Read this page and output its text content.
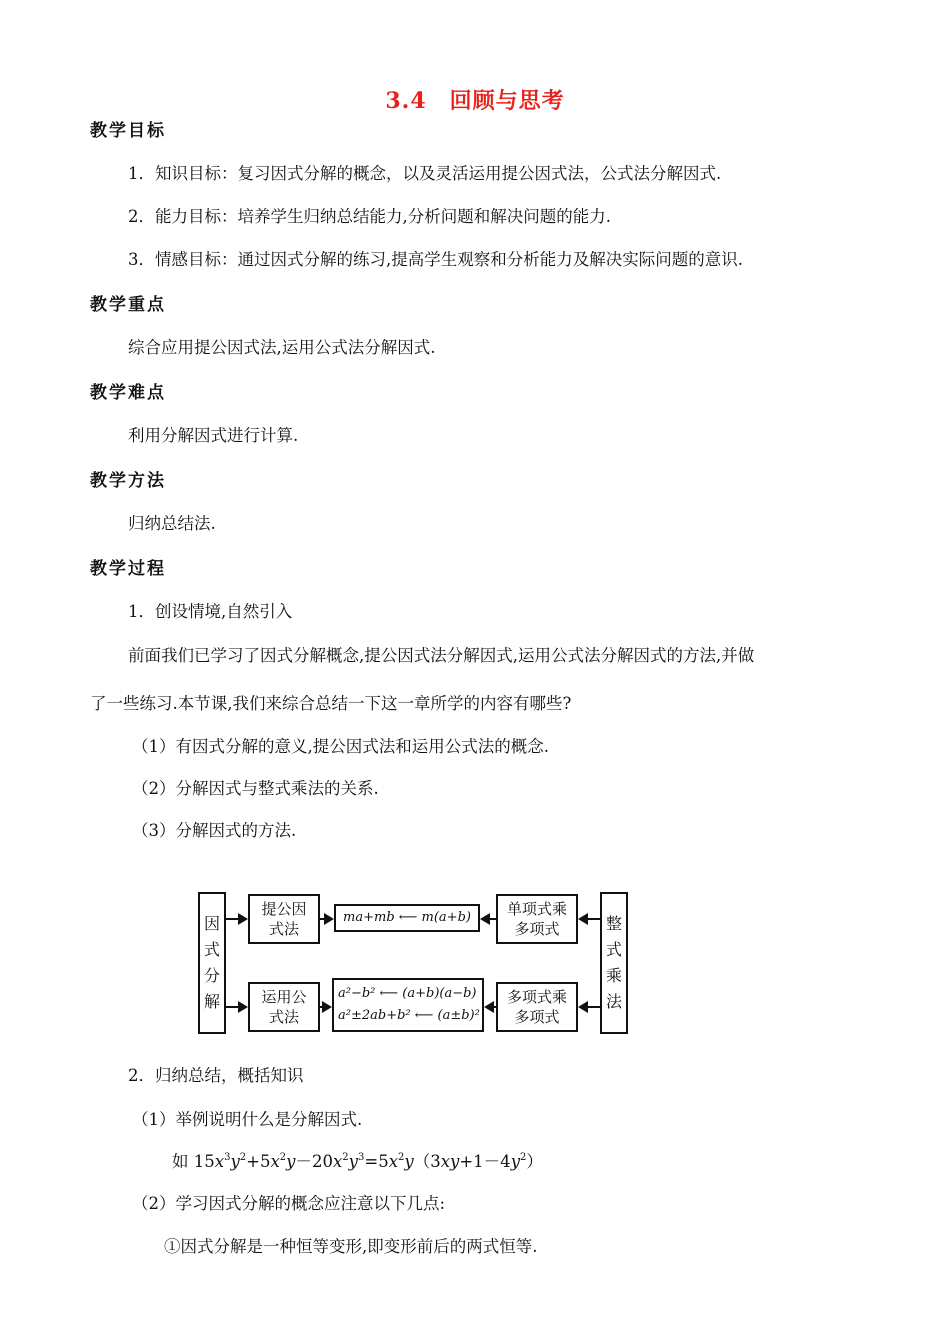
3.4　回顾与思考
教学目标
1．知识目标：复习因式分解的概念，以及灵活运用提公因式法，公式法分解因式.
2．能力目标：培养学生归纳总结能力,分析问题和解决问题的能力.
3．情感目标：通过因式分解的练习,提高学生观察和分析能力及解决实际问题的意识.
教学重点
综合应用提公因式法,运用公式法分解因式.
教学难点
利用分解因式进行计算.
教学方法
归纳总结法.
教学过程
1．创设情境,自然引入
前面我们已学习了因式分解概念,提公因式法分解因式,运用公式法分解因式的方法,并做
了一些练习.本节课,我们来综合总结一下这一章所学的内容有哪些?
（1）有因式分解的意义,提公因式法和运用公式法的概念.
（2）分解因式与整式乘法的关系.
（3）分解因式的方法.
因
式
分
解
整
式
乘
法
提公因
式法
ma+mb ⟵ m(a+b)	单项式乘
多项式
运用公
式法
a²−b² ⟵ (a+b)(a−b)
a²±2ab+b² ⟵ (a±b)²
多项式乘
多项式
2．归纳总结，概括知识
（1）举例说明什么是分解因式.
如 $15x^3y^2+5x^2y-20x^2y^3=5x^2y(3xy+1-4y^2)$
（2）学习因式分解的概念应注意以下几点:
①因式分解是一种恒等变形,即变形前后的两式恒等.
